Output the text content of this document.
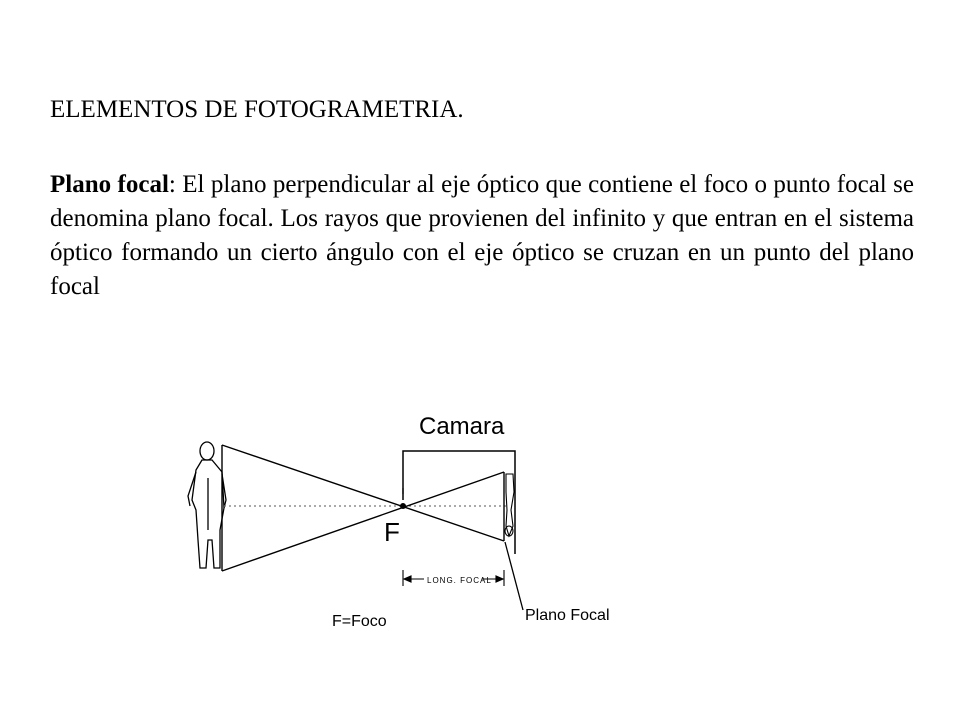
ELEMENTOS DE FOTOGRAMETRIA.
Plano focal: El plano perpendicular al eje óptico que contiene el foco o punto focal se denomina plano focal. Los rayos que provienen del infinito y que entran en el sistema óptico formando un cierto ángulo con el eje óptico se cruzan en un punto del plano focal
Camara
F
LONG. FOCAL
Plano Focal
F=Foco
